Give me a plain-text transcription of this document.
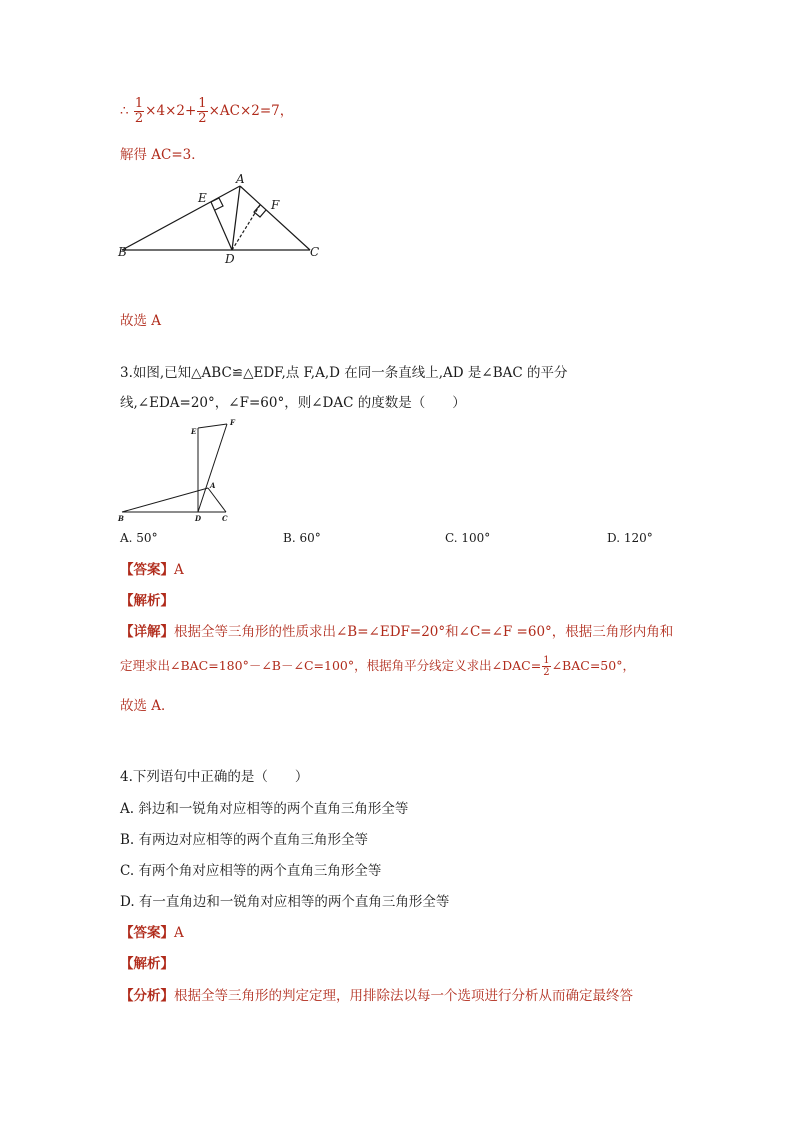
∴ $\frac{1}{2} \times 4\times 2+ \frac{1}{2} \times AC\times 2=7$，
解得 AC=3．
A
B	C
D
E	F
故选 A
3.如图,已知△ABC≌△EDF,点 F,A,D 在同一条直线上,AD 是∠BAC 的平分
线,∠EDA=20°，∠F=60°，则∠DAC 的度数是（　　）
E
F
A
B	D	C
A. 50°	B. 60°	C. 100°	D. 120°
【答案】A
【解析】
【详解】根据全等三角形的性质求出∠B=∠EDF=20°和∠C=∠F =60°，根据三角形内角和
定理求出∠BAC=180°－∠B－∠C=100°，根据角平分线定义求出∠DAC= $\frac{1}{2}$ ∠BAC=50°，
故选 A．
4.下列语句中正确的是（　　）
A. 斜边和一锐角对应相等的两个直角三角形全等
B. 有两边对应相等的两个直角三角形全等
C. 有两个角对应相等的两个直角三角形全等
D. 有一直角边和一锐角对应相等的两个直角三角形全等
【答案】A
【解析】
【分析】根据全等三角形的判定定理，用排除法以每一个选项进行分析从而确定最终答
